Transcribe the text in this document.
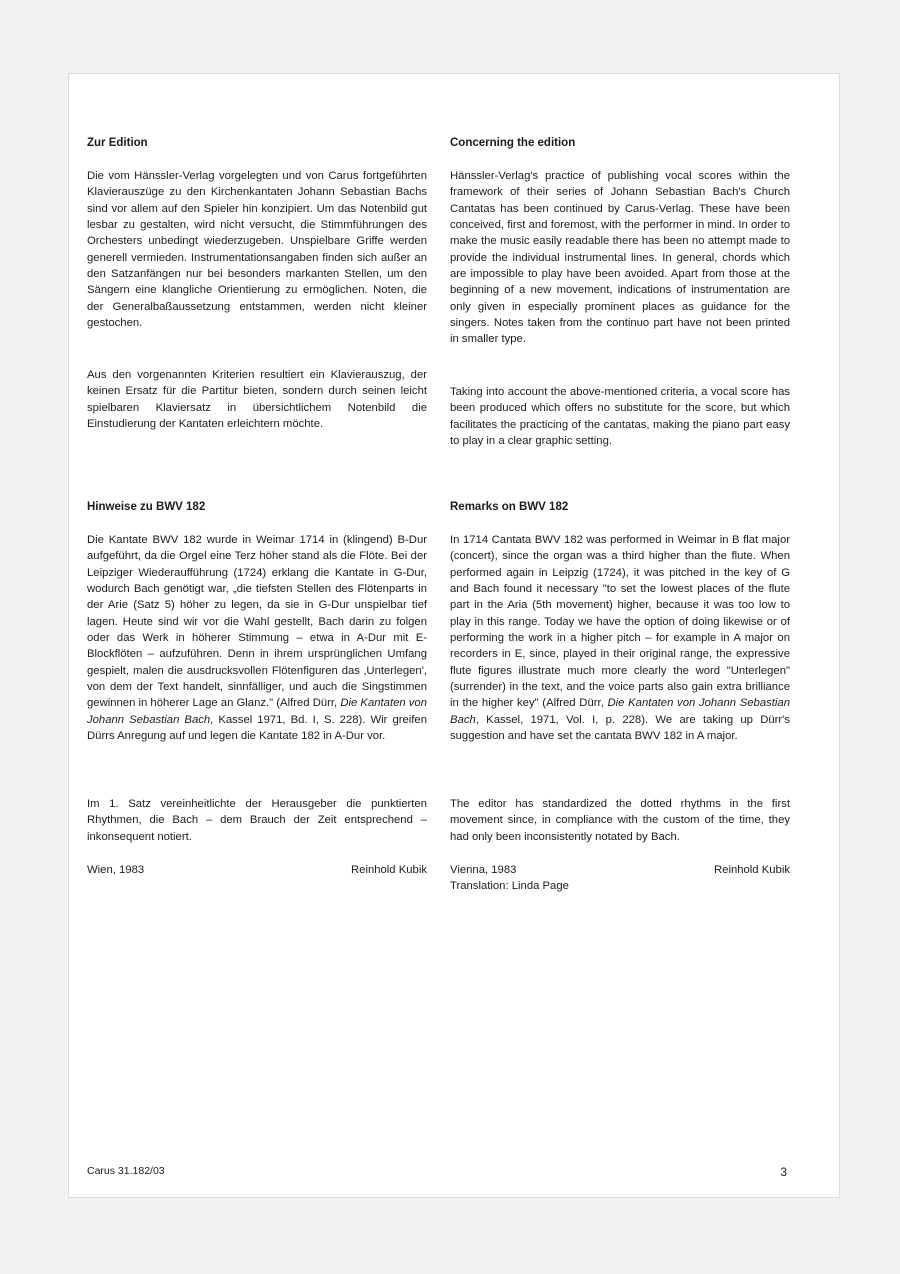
Zur Edition

Die vom Hänssler-Verlag vorgelegten und von Carus fortgeführten Klavierauszüge zu den Kirchenkantaten Johann Sebastian Bachs sind vor allem auf den Spieler hin konzipiert. Um das Notenbild gut lesbar zu gestalten, wird nicht versucht, die Stimmführungen des Orchesters unbedingt wiederzugeben. Unspielbare Griffe werden generell vermieden. Instrumentationsangaben finden sich außer an den Satzanfängen nur bei besonders markanten Stellen, um den Sängern eine klangliche Orientierung zu ermöglichen. Noten, die der Generalbaßaussetzung entstammen, werden nicht kleiner gestochen.

Aus den vorgenannten Kriterien resultiert ein Klavierauszug, der keinen Ersatz für die Partitur bieten, sondern durch seinen leicht spielbaren Klaviersatz in übersichtlichem Notenbild die Einstudierung der Kantaten erleichtern möchte.

Hinweise zu BWV 182

Die Kantate BWV 182 wurde in Weimar 1714 in (klingend) B-Dur aufgeführt, da die Orgel eine Terz höher stand als die Flöte. Bei der Leipziger Wiederaufführung (1724) erklang die Kantate in G-Dur, wodurch Bach genötigt war, „die tiefsten Stellen des Flötenparts in der Arie (Satz 5) höher zu legen, da sie in G-Dur unspielbar tief lagen. Heute sind wir vor die Wahl gestellt, Bach darin zu folgen oder das Werk in höherer Stimmung – etwa in A-Dur mit E-Blockflöten – aufzuführen. Denn in ihrem ursprünglichen Umfang gespielt, malen die ausdrucksvollen Flötenfiguren das ‚Unterlegen', von dem der Text handelt, sinnfälliger, und auch die Singstimmen gewinnen in höherer Lage an Glanz." (Alfred Dürr, Die Kantaten von Johann Sebastian Bach, Kassel 1971, Bd. I, S. 228). Wir greifen Dürrs Anregung auf und legen die Kantate 182 in A-Dur vor.

Im 1. Satz vereinheitlichte der Herausgeber die punktierten Rhythmen, die Bach – dem Brauch der Zeit entsprechend – inkonsequent notiert.

Wien, 1983	Reinhold Kubik

Concerning the edition

Hänssler-Verlag's practice of publishing vocal scores within the framework of their series of Johann Sebastian Bach's Church Cantatas has been continued by Carus-Verlag. These have been conceived, first and foremost, with the performer in mind. In order to make the music easily readable there has been no attempt made to provide the individual instrumental lines. In general, chords which are impossible to play have been avoided. Apart from those at the beginning of a new movement, indications of instrumentation are only given in especially prominent places as guidance for the singers. Notes taken from the continuo part have not been printed in smaller type.

Taking into account the above-mentioned criteria, a vocal score has been produced which offers no substitute for the score, but which facilitates the practicing of the cantatas, making the piano part easy to play in a clear graphic setting.

Remarks on BWV 182

In 1714 Cantata BWV 182 was performed in Weimar in B flat major (concert), since the organ was a third higher than the flute. When performed again in Leipzig (1724), it was pitched in the key of G and Bach found it necessary "to set the lowest places of the flute part in the Aria (5th movement) higher, because it was too low to play in this range. Today we have the option of doing likewise or of performing the work in a higher pitch – for example in A major on recorders in E, since, played in their original range, the expressive flute figures illustrate much more clearly the word "Unterlegen" (surrender) in the text, and the voice parts also gain extra brilliance in the higher key" (Alfred Dürr, Die Kantaten von Johann Sebastian Bach, Kassel, 1971, Vol. I, p. 228). We are taking up Dürr's suggestion and have set the cantata BWV 182 in A major.

The editor has standardized the dotted rhythms in the first movement since, in compliance with the custom of the time, they had only been inconsistently notated by Bach.

Vienna, 1983	Reinhold Kubik
Translation: Linda Page
Carus 31.182/03	3
